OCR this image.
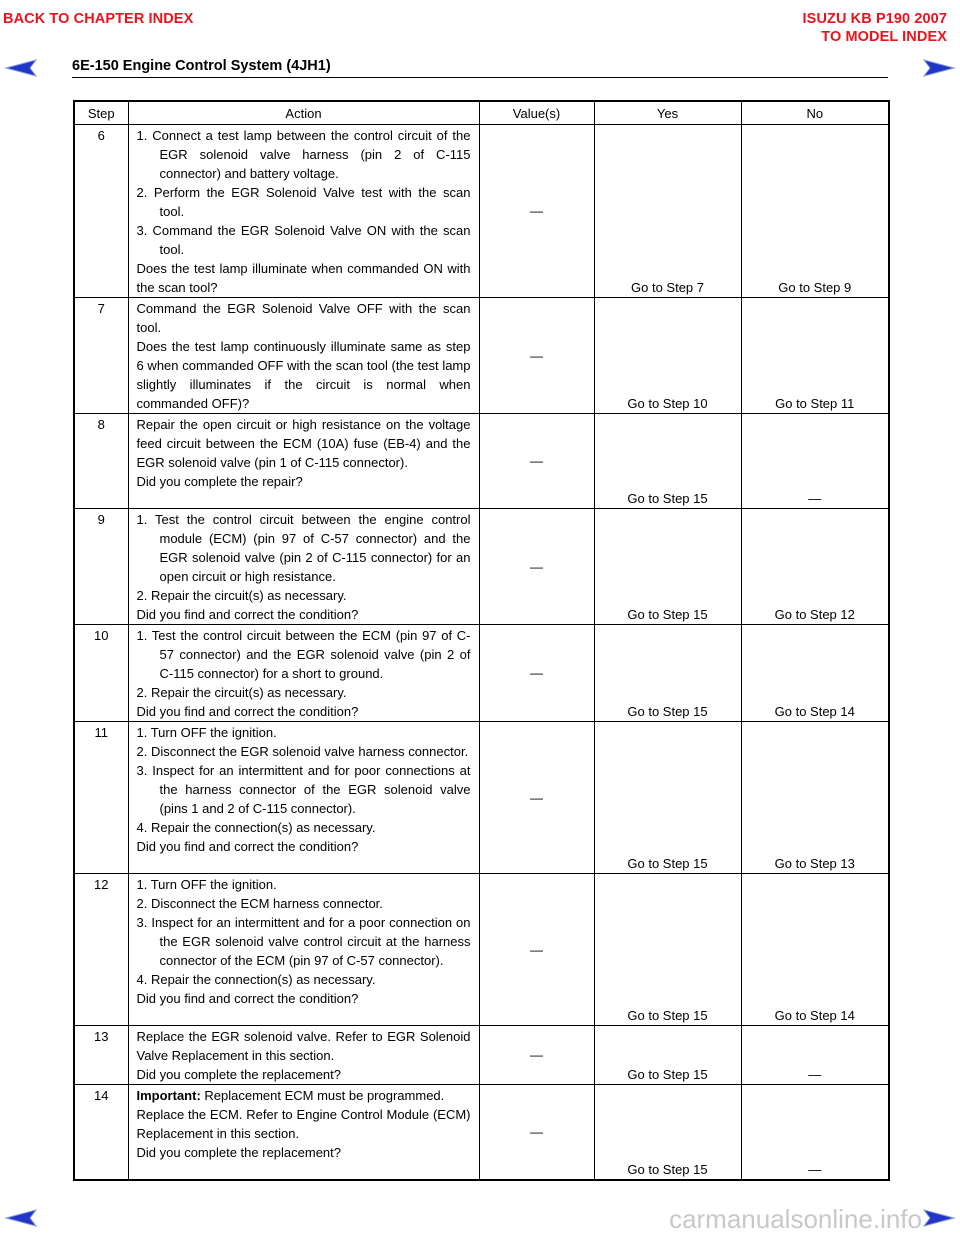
BACK TO CHAPTER INDEX	ISUZU KB P190 2007
TO MODEL INDEX
6E-150 Engine Control System (4JH1)
Step	Action	Value(s)	Yes	No
6	1. Connect a test lamp between the control circuit of the EGR solenoid valve harness (pin 2 of C-115 connector) and battery voltage.
2. Perform the EGR Solenoid Valve test with the scan tool.
3. Command the EGR Solenoid Valve ON with the scan tool.
Does the test lamp illuminate when commanded ON with the scan tool?	—	Go to Step 7	Go to Step 9
7	Command the EGR Solenoid Valve OFF with the scan tool.
Does the test lamp continuously illuminate same as step 6 when commanded OFF with the scan tool (the test lamp slightly illuminates if the circuit is normal when commanded OFF)?	—	Go to Step 10	Go to Step 11
8	Repair the open circuit or high resistance on the voltage feed circuit between the ECM (10A) fuse (EB-4) and the EGR solenoid valve (pin 1 of C-115 connector).
Did you complete the repair?	—	Go to Step 15	—
9	1. Test the control circuit between the engine control module (ECM) (pin 97 of C-57 connector) and the EGR solenoid valve (pin 2 of C-115 connector) for an open circuit or high resistance.
2. Repair the circuit(s) as necessary.
Did you find and correct the condition?	—	Go to Step 15	Go to Step 12
10	1. Test the control circuit between the ECM (pin 97 of C-57 connector) and the EGR solenoid valve (pin 2 of C-115 connector) for a short to ground.
2. Repair the circuit(s) as necessary.
Did you find and correct the condition?	—	Go to Step 15	Go to Step 14
11	1. Turn OFF the ignition.
2. Disconnect the EGR solenoid valve harness connector.
3. Inspect for an intermittent and for poor connections at the harness connector of the EGR solenoid valve (pins 1 and 2 of C-115 connector).
4. Repair the connection(s) as necessary.
Did you find and correct the condition?	—	Go to Step 15	Go to Step 13
12	1. Turn OFF the ignition.
2. Disconnect the ECM harness connector.
3. Inspect for an intermittent and for a poor connection on the EGR solenoid valve control circuit at the harness connector of the ECM (pin 97 of C-57 connector).
4. Repair the connection(s) as necessary.
Did you find and correct the condition?	—	Go to Step 15	Go to Step 14
13	Replace the EGR solenoid valve. Refer to EGR Solenoid Valve Replacement in this section.
Did you complete the replacement?	—	Go to Step 15	—
14	Important: Replacement ECM must be programmed.
Replace the ECM. Refer to Engine Control Module (ECM) Replacement in this section.
Did you complete the replacement?	—	Go to Step 15	—
carmanualsonline.info
